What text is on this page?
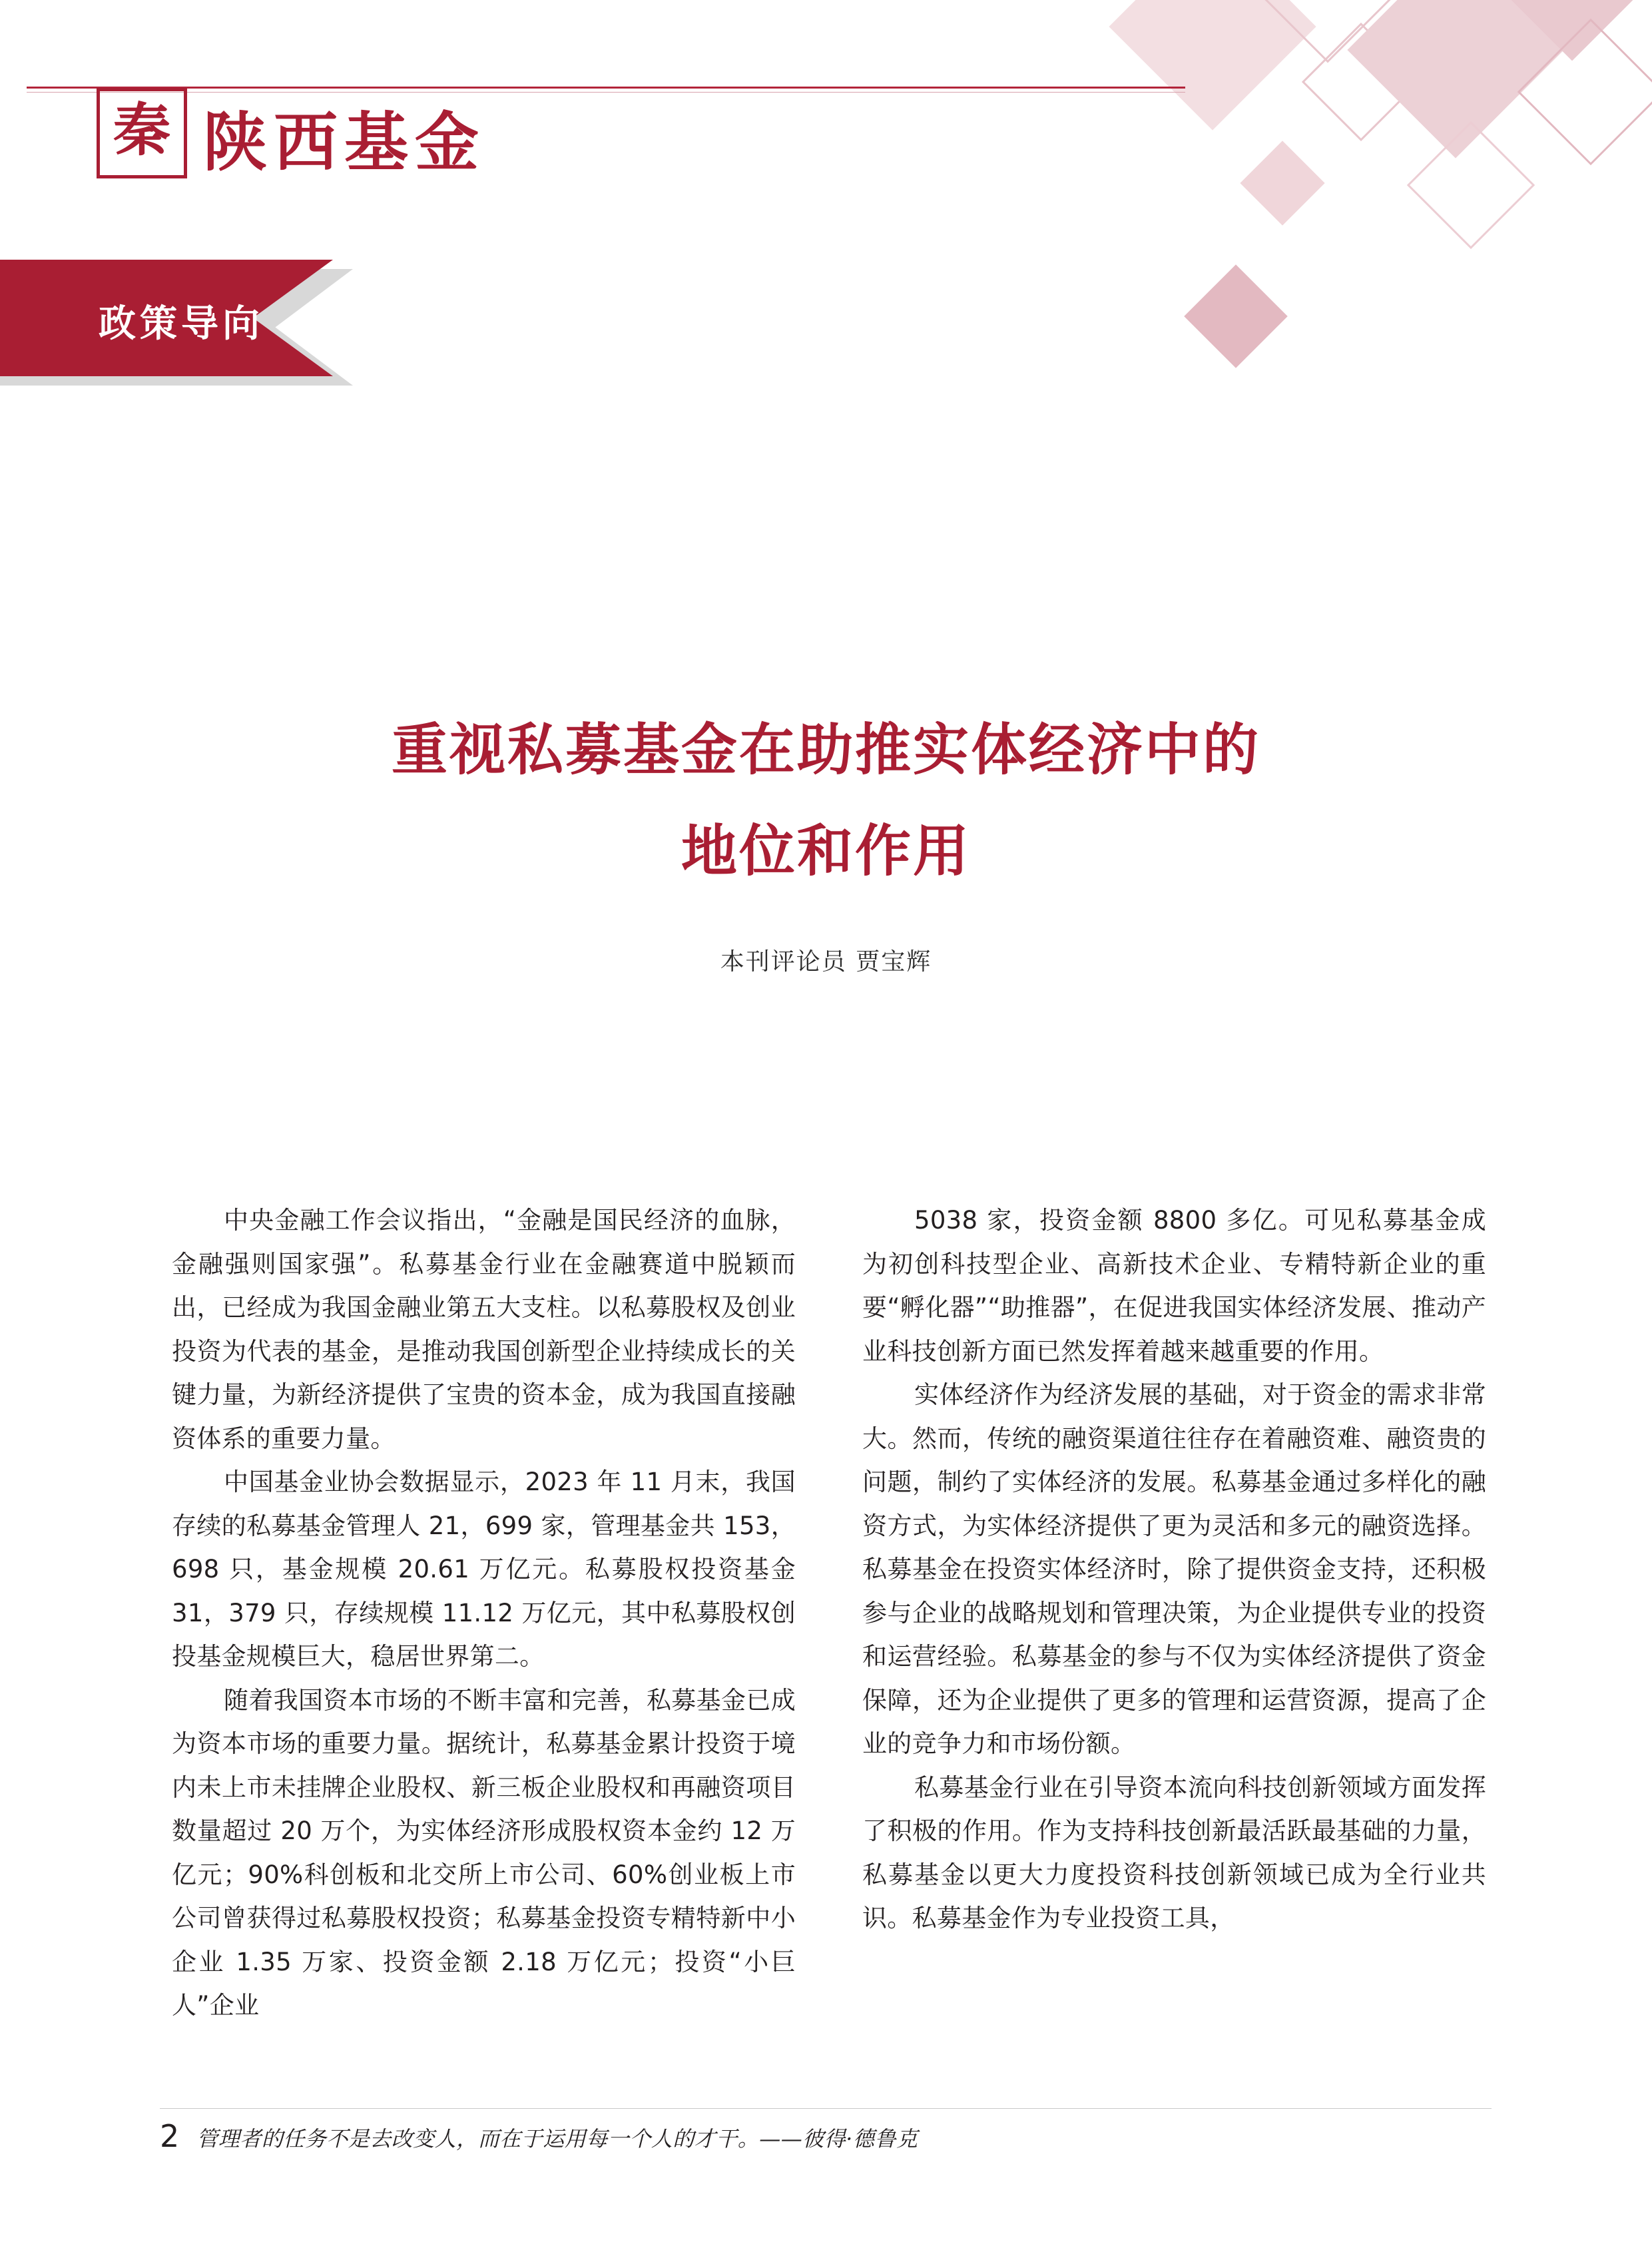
秦 陕西基金
政策导向
重视私募基金在助推实体经济中的
地位和作用
本刊评论员 贾宝辉

中央金融工作会议指出，“金融是国民经济的血脉，金融强则国家强”。私募基金行业在金融赛道中脱颖而出，已经成为我国金融业第五大支柱。以私募股权及创业投资为代表的基金，是推动我国创新型企业持续成长的关键力量，为新经济提供了宝贵的资本金，成为我国直接融资体系的重要力量。

中国基金业协会数据显示，2023 年 11 月末，我国存续的私募基金管理人 21，699 家，管理基金共 153，698 只，基金规模 20.61 万亿元。私募股权投资基金 31，379 只，存续规模 11.12 万亿元，其中私募股权创投基金规模巨大，稳居世界第二。

随着我国资本市场的不断丰富和完善，私募基金已成为资本市场的重要力量。据统计，私募基金累计投资于境内未上市未挂牌企业股权、新三板企业股权和再融资项目数量超过 20 万个，为实体经济形成股权资本金约 12 万亿元；90%科创板和北交所上市公司、60%创业板上市公司曾获得过私募股权投资；私募基金投资专精特新中小企业 1.35 万家、投资金额 2.18 万亿元；投资“小巨人”企业

5038 家，投资金额 8800 多亿。可见私募基金成为初创科技型企业、高新技术企业、专精特新企业的重要“孵化器”“助推器”，在促进我国实体经济发展、推动产业科技创新方面已然发挥着越来越重要的作用。

实体经济作为经济发展的基础，对于资金的需求非常大。然而，传统的融资渠道往往存在着融资难、融资贵的问题，制约了实体经济的发展。私募基金通过多样化的融资方式，为实体经济提供了更为灵活和多元的融资选择。私募基金在投资实体经济时，除了提供资金支持，还积极参与企业的战略规划和管理决策，为企业提供专业的投资和运营经验。私募基金的参与不仅为实体经济提供了资金保障，还为企业提供了更多的管理和运营资源，提高了企业的竞争力和市场份额。

私募基金行业在引导资本流向科技创新领域方面发挥了积极的作用。作为支持科技创新最活跃最基础的力量，私募基金以更大力度投资科技创新领域已成为全行业共识。私募基金作为专业投资工具，

2 管理者的任务不是去改变人，而在于运用每一个人的才干。——彼得·德鲁克
